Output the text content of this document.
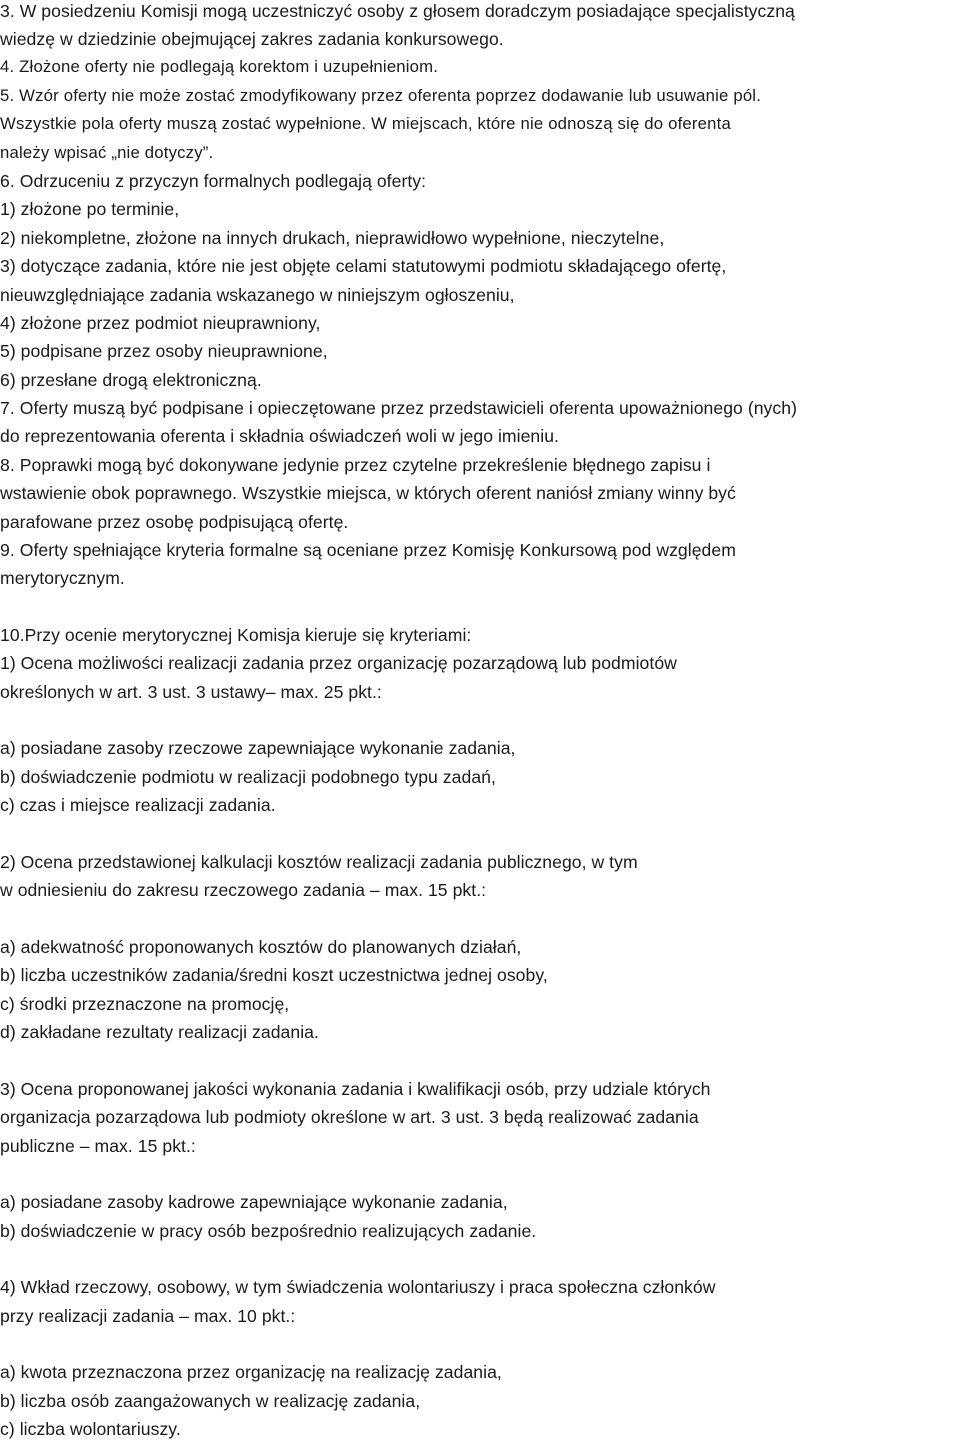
3. W posiedzeniu Komisji mogą uczestniczyć osoby z głosem doradczym posiadające specjalistyczną
wiedzę w dziedzinie obejmującej zakres zadania konkursowego.
4. Złożone oferty nie podlegają korektom i uzupełnieniom.
5. Wzór oferty nie może zostać zmodyfikowany przez oferenta poprzez dodawanie lub usuwanie pól.
Wszystkie pola oferty muszą zostać wypełnione. W miejscach, które nie odnoszą się do oferenta
należy wpisać „nie dotyczy”.
6. Odrzuceniu z przyczyn formalnych podlegają oferty:
1) złożone po terminie,
2) niekompletne, złożone na innych drukach, nieprawidłowo wypełnione, nieczytelne,
3) dotyczące zadania, które nie jest objęte celami statutowymi podmiotu składającego ofertę,
nieuwzględniające zadania wskazanego w niniejszym ogłoszeniu,
4) złożone przez podmiot nieuprawniony,
5) podpisane przez osoby nieuprawnione,
6) przesłane drogą elektroniczną.
7. Oferty muszą być podpisane i opieczętowane przez przedstawicieli oferenta upoważnionego (nych)
do reprezentowania oferenta i składnia oświadczeń woli w jego imieniu.
8. Poprawki mogą być dokonywane jedynie przez czytelne przekreślenie błędnego zapisu i
wstawienie obok poprawnego. Wszystkie miejsca, w których oferent naniósł zmiany winny być
parafowane przez osobę podpisującą ofertę.
9. Oferty spełniające kryteria formalne są oceniane przez Komisję Konkursową pod względem
merytorycznym.
10.Przy ocenie merytorycznej Komisja kieruje się kryteriami:
1) Ocena możliwości realizacji zadania przez organizację pozarządową lub podmiotów
określonych w art. 3 ust. 3 ustawy– max. 25 pkt.:
a) posiadane zasoby rzeczowe zapewniające wykonanie zadania,
b) doświadczenie podmiotu w realizacji podobnego typu zadań,
c) czas i miejsce realizacji zadania.
2) Ocena przedstawionej kalkulacji kosztów realizacji zadania publicznego, w tym
w odniesieniu do zakresu rzeczowego zadania – max. 15 pkt.:
a) adekwatność proponowanych kosztów do planowanych działań,
b) liczba uczestników zadania/średni koszt uczestnictwa jednej osoby,
c) środki przeznaczone na promocję,
d) zakładane rezultaty realizacji zadania.
3) Ocena proponowanej jakości wykonania zadania i kwalifikacji osób, przy udziale których
organizacja pozarządowa lub podmioty określone w art. 3 ust. 3 będą realizować zadania
publiczne – max. 15 pkt.:
a) posiadane zasoby kadrowe zapewniające wykonanie zadania,
b) doświadczenie w pracy osób bezpośrednio realizujących zadanie.
4) Wkład rzeczowy, osobowy, w tym świadczenia wolontariuszy i praca społeczna członków
przy realizacji zadania – max. 10 pkt.:
a) kwota przeznaczona przez organizację na realizację zadania,
b) liczba osób zaangażowanych w realizację zadania,
c) liczba wolontariuszy.
